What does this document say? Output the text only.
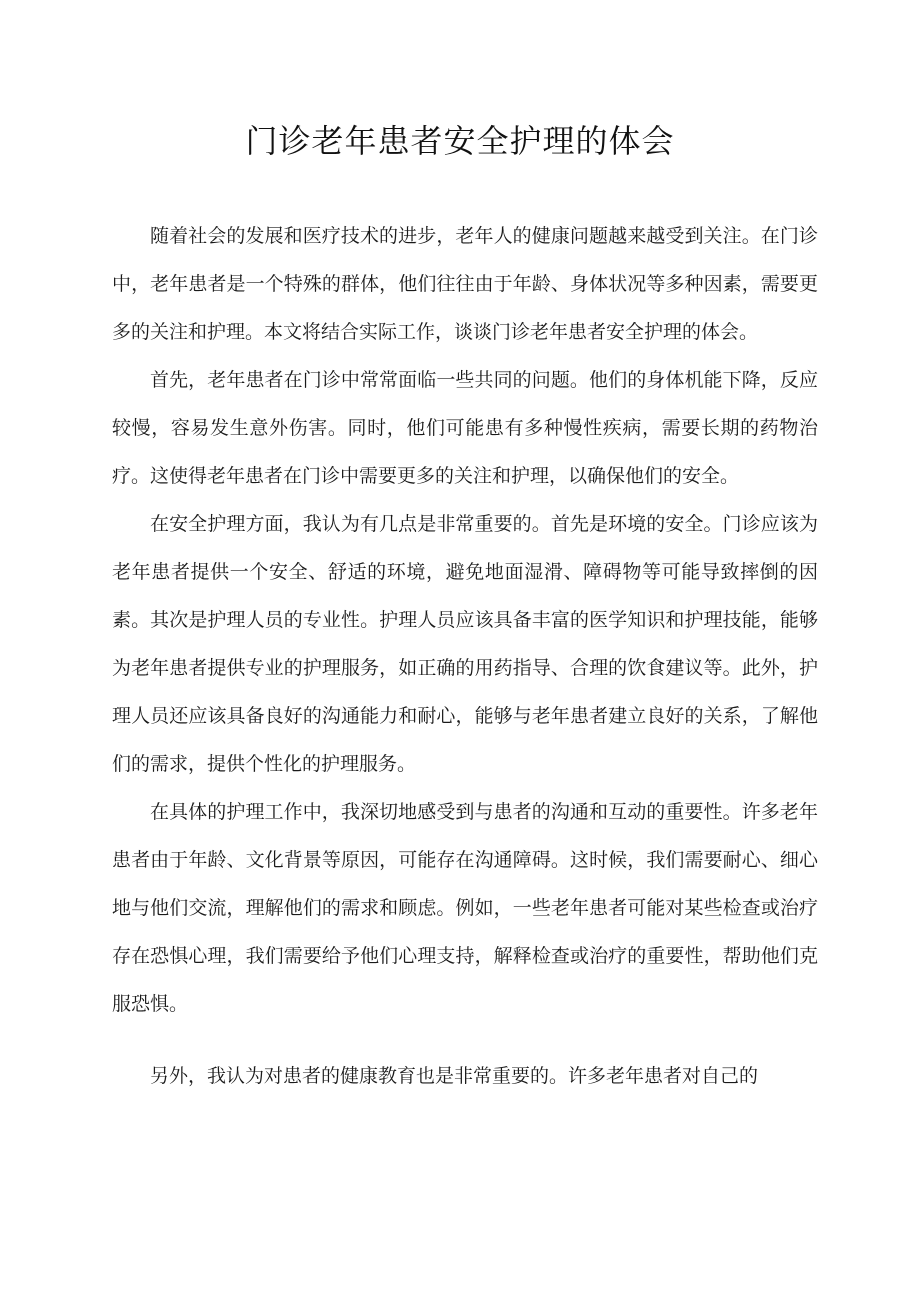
门诊老年患者安全护理的体会

随着社会的发展和医疗技术的进步，老年人的健康问题越来越受到关注。在门诊中，老年患者是一个特殊的群体，他们往往由于年龄、身体状况等多种因素，需要更多的关注和护理。本文将结合实际工作，谈谈门诊老年患者安全护理的体会。

首先，老年患者在门诊中常常面临一些共同的问题。他们的身体机能下降，反应较慢，容易发生意外伤害。同时，他们可能患有多种慢性疾病，需要长期的药物治疗。这使得老年患者在门诊中需要更多的关注和护理，以确保他们的安全。

在安全护理方面，我认为有几点是非常重要的。首先是环境的安全。门诊应该为老年患者提供一个安全、舒适的环境，避免地面湿滑、障碍物等可能导致摔倒的因素。其次是护理人员的专业性。护理人员应该具备丰富的医学知识和护理技能，能够为老年患者提供专业的护理服务，如正确的用药指导、合理的饮食建议等。此外，护理人员还应该具备良好的沟通能力和耐心，能够与老年患者建立良好的关系，了解他们的需求，提供个性化的护理服务。

在具体的护理工作中，我深切地感受到与患者的沟通和互动的重要性。许多老年患者由于年龄、文化背景等原因，可能存在沟通障碍。这时候，我们需要耐心、细心地与他们交流，理解他们的需求和顾虑。例如，一些老年患者可能对某些检查或治疗存在恐惧心理，我们需要给予他们心理支持，解释检查或治疗的重要性，帮助他们克服恐惧。

另外，我认为对患者的健康教育也是非常重要的。许多老年患者对自己的
